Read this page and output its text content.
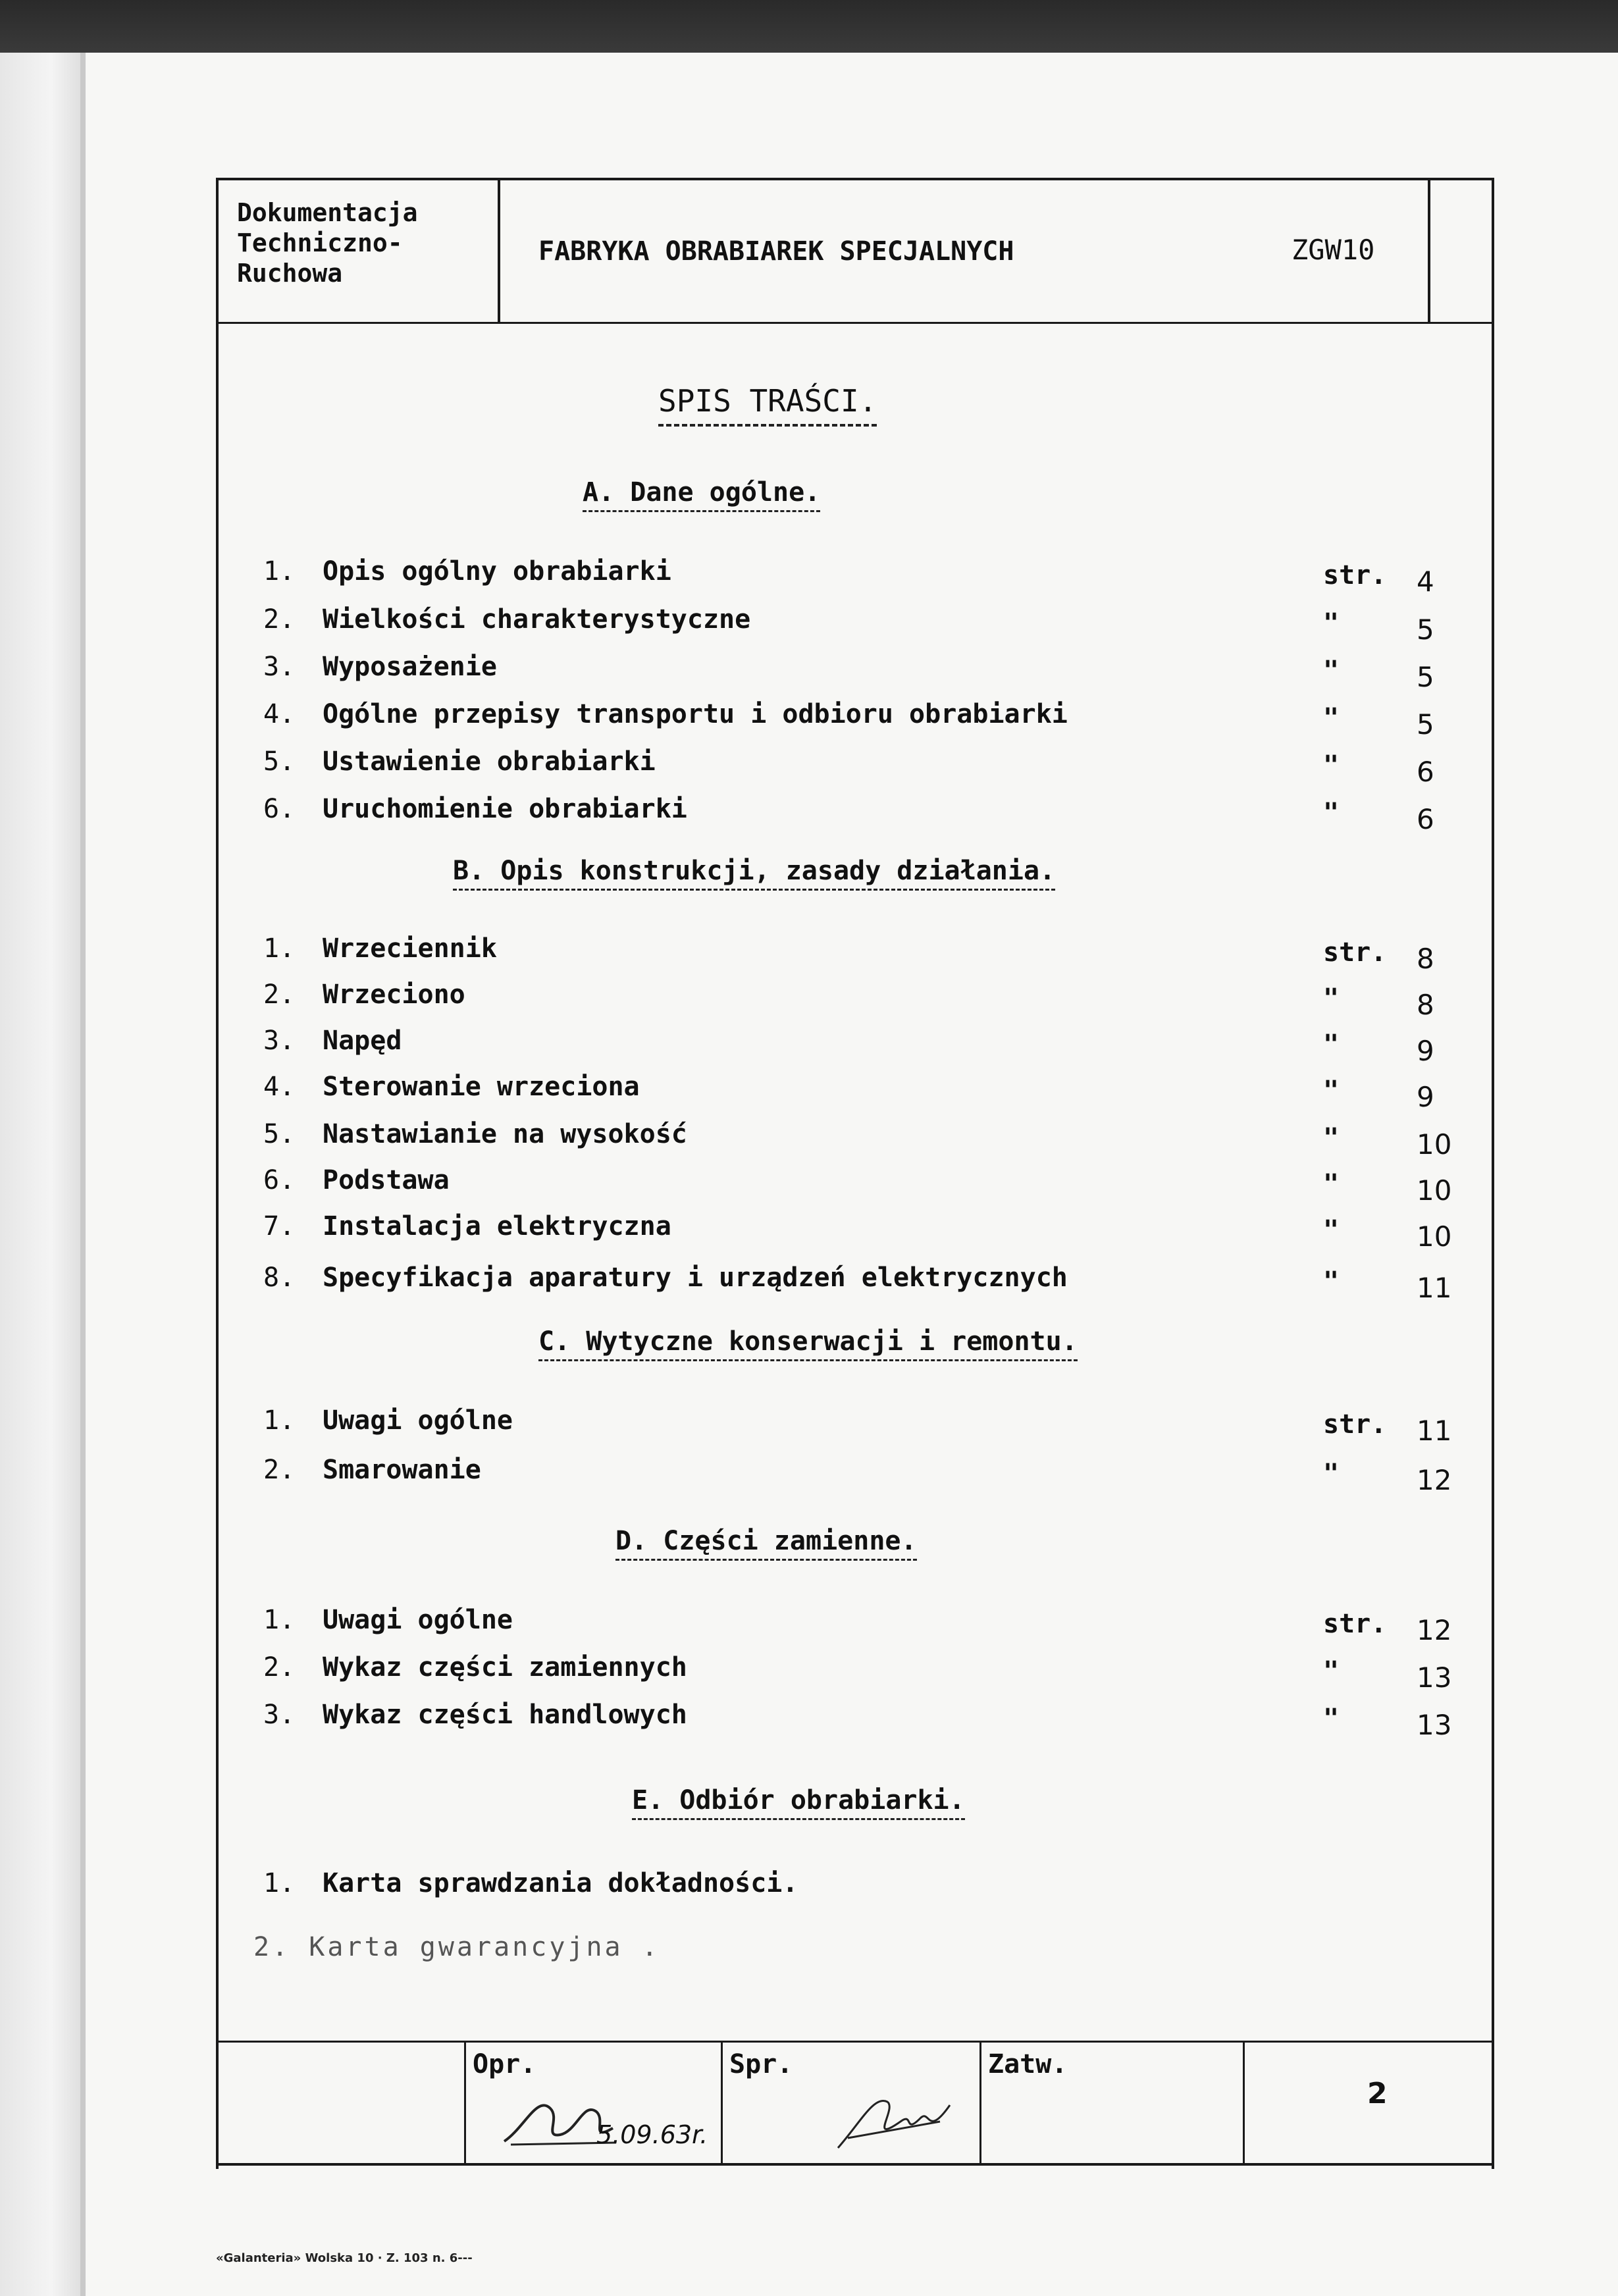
Dokumentacja
Techniczno-
Ruchowa
FABRYKA OBRABIAREK SPECJALNYCH
Opr.
5.09.63r.
Spr.	Zatw.
2
ZGW10
SPIS TRAŚCI.
A. Dane ogólne.
1. Opis ogólny obrabiarki	str. 4
2. Wielkości charakterystyczne	"	5
3. Wyposażenie	"	5
4. Ogólne przepisy transportu i odbioru obrabiarki	"	5
5. Ustawienie obrabiarki	"	6
6. Uruchomienie obrabiarki	"	6
B. Opis konstrukcji, zasady działania.
1. Wrzeciennik	str. 8
2. Wrzeciono	"	8
3. Napęd	"	9
4. Sterowanie wrzeciona	"	9
5. Nastawianie na wysokość	"	10
6. Podstawa	"	10
7. Instalacja elektryczna	"	10
8. Specyfikacja aparatury i urządzeń elektrycznych	"	11
C. Wytyczne konserwacji i remontu.
1. Uwagi ogólne	str. 11
2. Smarowanie	"	12
D. Części zamienne.
1. Uwagi ogólne	str. 12
2. Wykaz części zamiennych	"	13
3. Wykaz części handlowych	"	13
E. Odbiór obrabiarki.
1. Karta sprawdzania dokładności.
2. Karta gwarancyjna .
«Galanteria» Wolska 10 · Z. 103 n. 6---
